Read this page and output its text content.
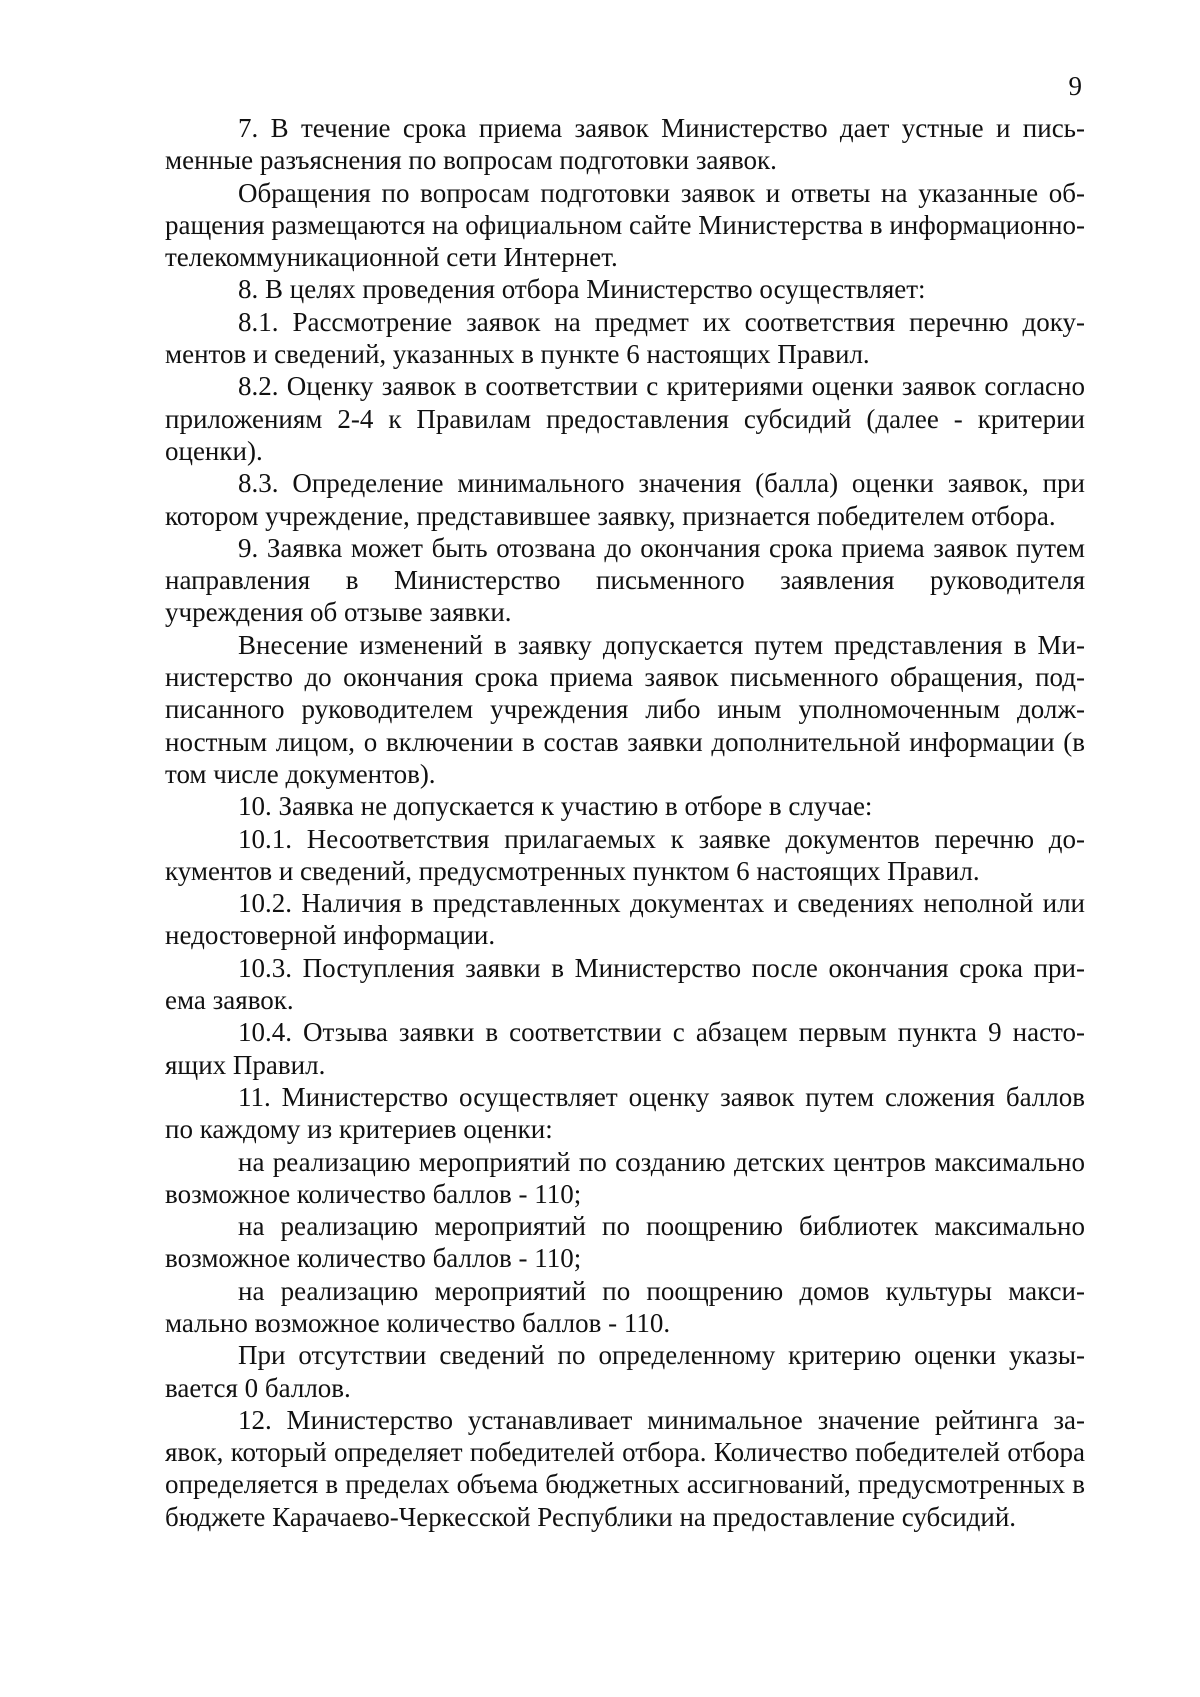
9

7. В течение срока приема заявок Министерство дает устные и письменные разъяснения по вопросам подготовки заявок.

Обращения по вопросам подготовки заявок и ответы на указанные обращения размещаются на официальном сайте Министерства в информационно-телекоммуникационной сети Интернет.

8. В целях проведения отбора Министерство осуществляет:

8.1. Рассмотрение заявок на предмет их соответствия перечню документов и сведений, указанных в пункте 6 настоящих Правил.

8.2. Оценку заявок в соответствии с критериями оценки заявок согласно приложениям 2-4 к Правилам предоставления субсидий (далее - критерии оценки).

8.3. Определение минимального значения (балла) оценки заявок, при котором учреждение, представившее заявку, признается победителем отбора.

9. Заявка может быть отозвана до окончания срока приема заявок путем направления в Министерство письменного заявления руководителя учреждения об отзыве заявки.

Внесение изменений в заявку допускается путем представления в Министерство до окончания срока приема заявок письменного обращения, подписанного руководителем учреждения либо иным уполномоченным должностным лицом, о включении в состав заявки дополнительной информации (в том числе документов).

10. Заявка не допускается к участию в отборе в случае:

10.1. Несоответствия прилагаемых к заявке документов перечню документов и сведений, предусмотренных пунктом 6 настоящих Правил.

10.2. Наличия в представленных документах и сведениях неполной или недостоверной информации.

10.3. Поступления заявки в Министерство после окончания срока приема заявок.

10.4. Отзыва заявки в соответствии с абзацем первым пункта 9 настоящих Правил.

11. Министерство осуществляет оценку заявок путем сложения баллов по каждому из критериев оценки:

на реализацию мероприятий по созданию детских центров максимально возможное количество баллов - 110;

на реализацию мероприятий по поощрению библиотек максимально возможное количество баллов - 110;

на реализацию мероприятий по поощрению домов культуры максимально возможное количество баллов - 110.

При отсутствии сведений по определенному критерию оценки указывается 0 баллов.

12. Министерство устанавливает минимальное значение рейтинга заявок, который определяет победителей отбора. Количество победителей отбора определяется в пределах объема бюджетных ассигнований, предусмотренных в бюджете Карачаево-Черкесской Республики на предоставление субсидий.
